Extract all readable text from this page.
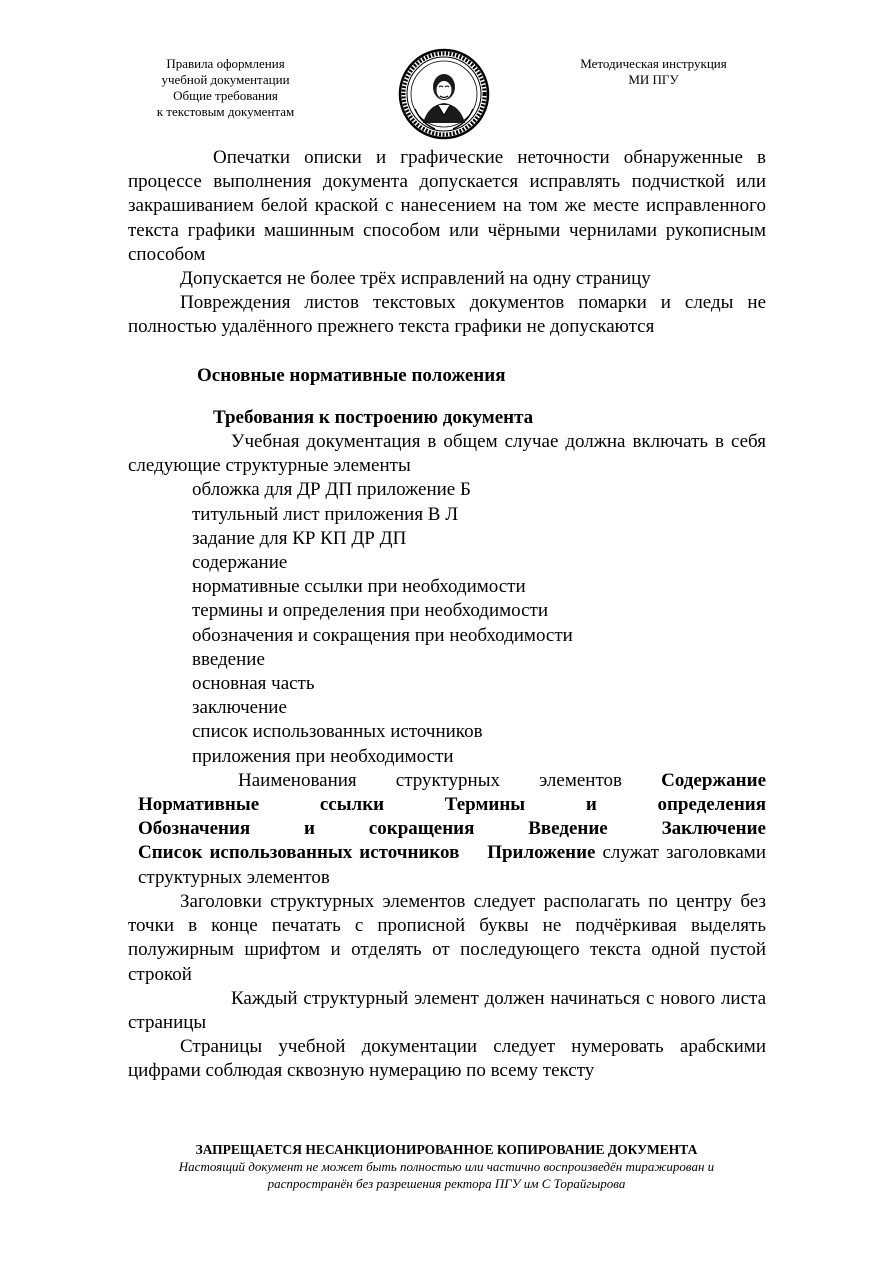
Правила оформления
учебной документации
Общие требования
к текстовым документам
Методическая инструкция
МИ ПГУ

Опечатки описки и графические неточности обнаруженные в процессе выполнения документа допускается исправлять подчисткой или закрашиванием белой краской с нанесением на том же месте исправленного текста графики машинным способом или чёрными чернилами рукописным способом

Допускается не более трёх исправлений на одну страницу

Повреждения листов текстовых документов помарки и следы не полностью удалённого прежнего текста графики не допускаются

Основные нормативные положения

Требования к построению документа

Учебная документация в общем случае должна включать в себя следующие структурные элементы

обложка для ДР ДП приложение Б

титульный лист приложения В Л

задание для КР КП ДР ДП

содержание

нормативные ссылки при необходимости

термины и определения при необходимости

обозначения и сокращения при необходимости

введение

основная часть

заключение

список использованных источников

приложения при необходимости

Наименования структурных элементов Содержание

Нормативные ссылки Термины и определения

Обозначения и сокращения Введение Заключение

Список использованных источников Приложение служат заголовками структурных элементов

Заголовки структурных элементов следует располагать по центру без точки в конце печатать с прописной буквы не подчёркивая выделять полужирным шрифтом и отделять от последующего текста одной пустой строкой

Каждый структурный элемент должен начинаться с нового листа страницы

Страницы учебной документации следует нумеровать арабскими цифрами соблюдая сквозную нумерацию по всему тексту

ЗАПРЕЩАЕТСЯ НЕСАНКЦИОНИРОВАННОЕ КОПИРОВАНИЕ ДОКУМЕНТА
Настоящий документ не может быть полностью или частично воспроизведён тиражирован и
распространён без разрешения ректора ПГУ им С Торайгырова
